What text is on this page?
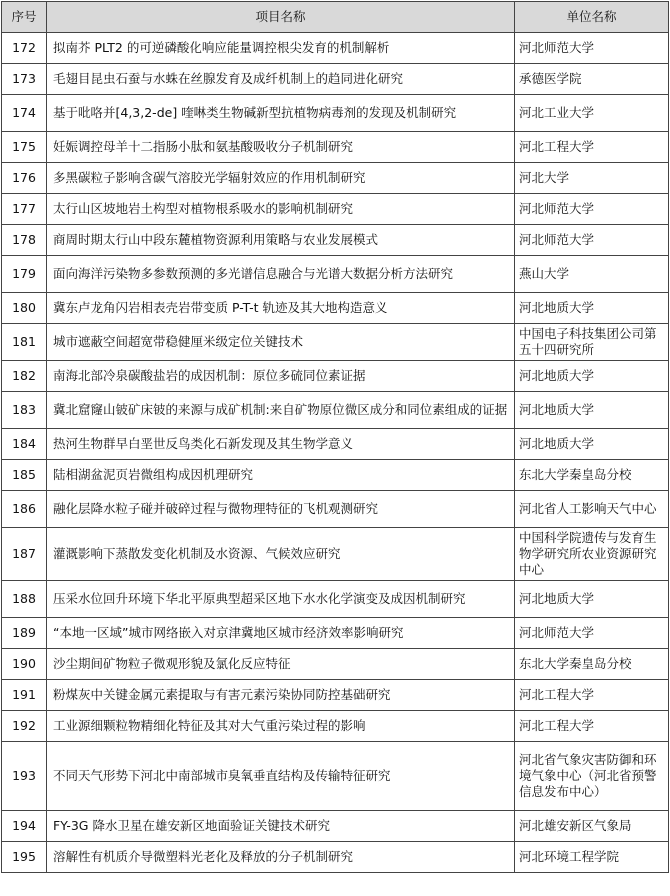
序号	项目名称	单位名称
172	拟南芥 PLT2 的可逆磷酸化响应能量调控根尖发育的机制解析	河北师范大学
173	毛翅目昆虫石蚕与水蛛在丝腺发育及成纤机制上的趋同进化研究	承德医学院
174	基于吡咯并[4,3,2-de] 喹啉类生物碱新型抗植物病毒剂的发现及机制研究	河北工业大学
175	妊娠调控母羊十二指肠小肽和氨基酸吸收分子机制研究	河北工程大学
176	多黑碳粒子影响含碳气溶胶光学辐射效应的作用机制研究	河北大学
177	太行山区坡地岩土构型对植物根系吸水的影响机制研究	河北师范大学
178	商周时期太行山中段东麓植物资源利用策略与农业发展模式	河北师范大学
179	面向海洋污染物多参数预测的多光谱信息融合与光谱大数据分析方法研究	燕山大学
180	冀东卢龙角闪岩相表壳岩带变质 P-T-t 轨迹及其大地构造意义	河北地质大学
181	城市遮蔽空间超宽带稳健厘米级定位关键技术	中国电子科技集团公司第五十四研究所
182	南海北部冷泉碳酸盐岩的成因机制：原位多硫同位素证据	河北地质大学
183	冀北窟窿山铍矿床铍的来源与成矿机制:来自矿物原位微区成分和同位素组成的证据	河北地质大学
184	热河生物群早白垩世反鸟类化石新发现及其生物学意义	河北地质大学
185	陆相湖盆泥页岩微组构成因机理研究	东北大学秦皇岛分校
186	融化层降水粒子碰并破碎过程与微物理特征的飞机观测研究	河北省人工影响天气中心
187	灌溉影响下蒸散发变化机制及水资源、气候效应研究	中国科学院遗传与发育生物学研究所农业资源研究中心
188	压采水位回升环境下华北平原典型超采区地下水水化学演变及成因机制研究	河北地质大学
189	“本地一区域”城市网络嵌入对京津冀地区城市经济效率影响研究	河北师范大学
190	沙尘期间矿物粒子微观形貌及氯化反应特征	东北大学秦皇岛分校
191	粉煤灰中关键金属元素提取与有害元素污染协同防控基础研究	河北工程大学
192	工业源细颗粒物精细化特征及其对大气重污染过程的影响	河北工程大学
193	不同天气形势下河北中南部城市臭氧垂直结构及传输特征研究	河北省气象灾害防御和环境气象中心（河北省预警信息发布中心）
194	FY-3G 降水卫星在雄安新区地面验证关键技术研究	河北雄安新区气象局
195	溶解性有机质介导微塑料光老化及释放的分子机制研究	河北环境工程学院
